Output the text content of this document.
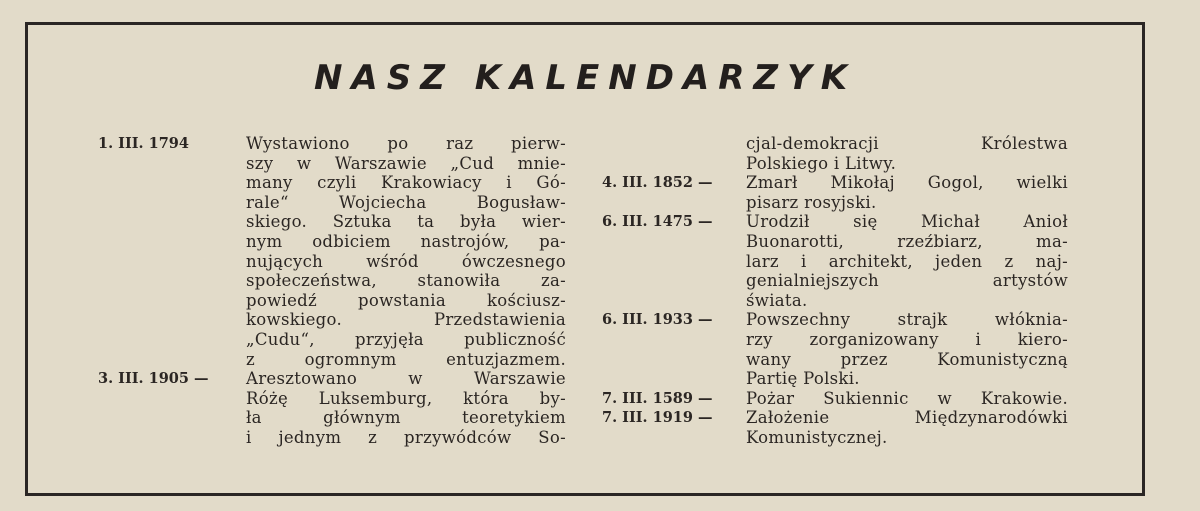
NASZ KALENDARZYK
1. III. 1794	Wystawiono po raz pierw-
szy w Warszawie „Cud mnie-
many czyli Krakowiacy i Gó-
rale“ Wojciecha Bogusław-
skiego. Sztuka ta była wier-
nym odbiciem nastrojów, pa-
nujących wśród ówczesnego
społeczeństwa, stanowiła za-
powiedź powstania kościusz-
kowskiego. Przedstawienia
„Cudu“, przyjęła publiczność
z ogromnym entuzjazmem.
3. III. 1905 — Aresztowano w Warszawie
Różę Luksemburg, która by-
ła głównym teoretykiem
i jednym z przywódców So-
cjal-demokracji Królestwa
Polskiego i Litwy.
4. III. 1852 — Zmarł Mikołaj Gogol, wielki
pisarz rosyjski.
6. III. 1475 — Urodził się Michał Anioł
Buonarotti, rzeźbiarz, ma-
larz i architekt, jeden z naj-
genialniejszych artystów
świata.
6. III. 1933 — Powszechny strajk włóknia-
rzy zorganizowany i kiero-
wany przez Komunistyczną
Partię Polski.
7. III. 1589 — Pożar Sukiennic w Krakowie.
7. III. 1919 — Założenie Międzynarodówki
Komunistycznej.
